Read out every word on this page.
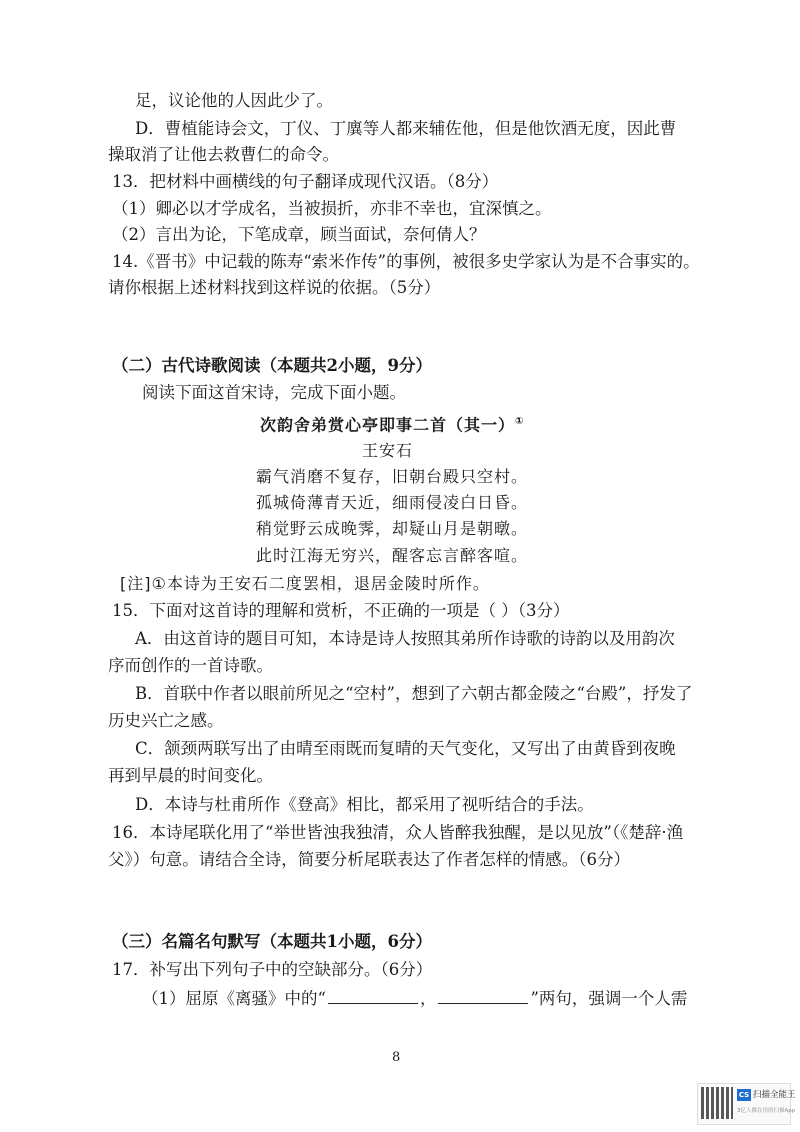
足，议论他的人因此少了。
D．曹植能诗会文，丁仪、丁廙等人都来辅佐他，但是他饮酒无度，因此曹
操取消了让他去救曹仁的命令。
13．把材料中画横线的句子翻译成现代汉语。（8分）
（1）卿必以才学成名，当被损折，亦非不幸也，宜深慎之。
（2）言出为论，下笔成章，顾当面试，奈何倩人？
14.《晋书》中记载的陈寿“索米作传”的事例，被很多史学家认为是不合事实的。
请你根据上述材料找到这样说的依据。（5分）
（二）古代诗歌阅读（本题共2小题，9分）
阅读下面这首宋诗，完成下面小题。
次韵舍弟赏心亭即事二首（其一）①
王安石
霸气消磨不复存，旧朝台殿只空村。
孤城倚薄青天近，细雨侵凌白日昏。
稍觉野云成晚霁，却疑山月是朝暾。
此时江海无穷兴，醒客忘言醉客喧。
[注]①本诗为王安石二度罢相，退居金陵时所作。
15．下面对这首诗的理解和赏析，不正确的一项是（ ）（3分）
A．由这首诗的题目可知，本诗是诗人按照其弟所作诗歌的诗韵以及用韵次
序而创作的一首诗歌。
B．首联中作者以眼前所见之“空村”，想到了六朝古都金陵之“台殿”，抒发了
历史兴亡之感。
C．颔颈两联写出了由晴至雨既而复晴的天气变化，又写出了由黄昏到夜晚
再到早晨的时间变化。
D．本诗与杜甫所作《登高》相比，都采用了视听结合的手法。
16．本诗尾联化用了“举世皆浊我独清，众人皆醉我独醒，是以见放”（《楚辞·渔
父》）句意。请结合全诗，简要分析尾联表达了作者怎样的情感。（6分）
（三）名篇名句默写（本题共1小题，6分）
17．补写出下列句子中的空缺部分。（6分）
（1）屈原《离骚》中的“	，	”两句，强调一个人需
8
CS 扫描全能王
3亿人都在用的扫描App
